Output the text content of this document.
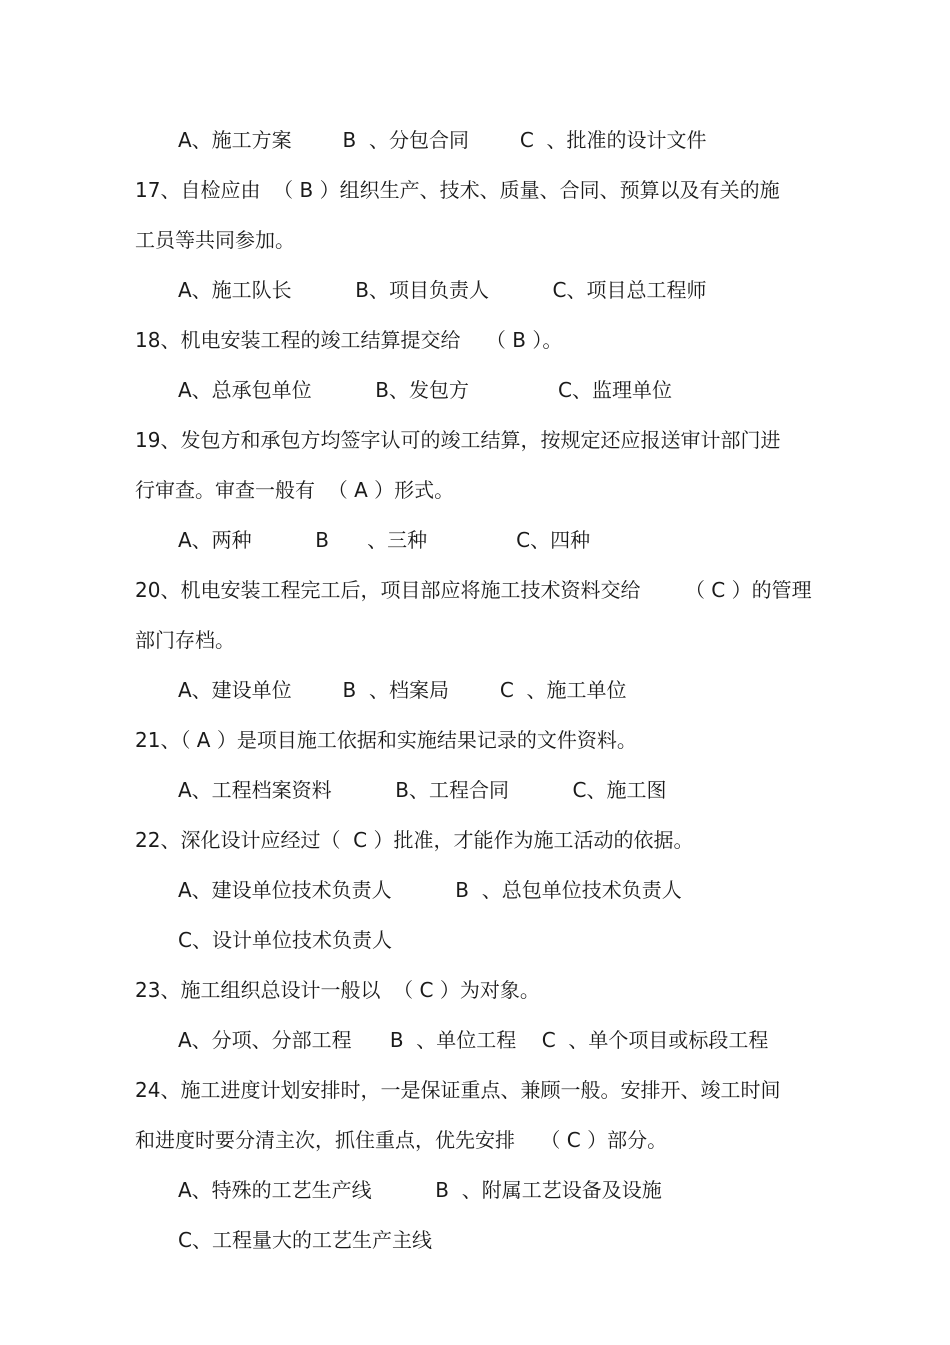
A、施工方案        B  、分包合同        C  、批准的设计文件
17、自检应由  （ B ）组织生产、技术、质量、合同、预算以及有关的施
工员等共同参加。
A、施工队长          B、项目负责人          C、项目总工程师
18、机电安装工程的竣工结算提交给    （ B ）。
A、总承包单位          B、发包方              C、监理单位
19、发包方和承包方均签字认可的竣工结算，按规定还应报送审计部门进
行审查。审查一般有  （ A ）形式。
A、两种          B      、三种              C、四种
20、机电安装工程完工后，项目部应将施工技术资料交给       （ C ）的管理
部门存档。
A、建设单位        B  、档案局        C  、施工单位
21、（ A ）是项目施工依据和实施结果记录的文件资料。
A、工程档案资料          B、工程合同          C、施工图
22、深化设计应经过（  C ）批准，才能作为施工活动的依据。
A、建设单位技术负责人          B  、总包单位技术负责人
C、设计单位技术负责人
23、施工组织总设计一般以  （ C ）为对象。
A、分项、分部工程      B  、单位工程    C  、单个项目或标段工程
24、施工进度计划安排时，一是保证重点、兼顾一般。安排开、竣工时间
和进度时要分清主次，抓住重点，优先安排    （ C ）部分。
A、特殊的工艺生产线          B  、附属工艺设备及设施
C、工程量大的工艺生产主线
